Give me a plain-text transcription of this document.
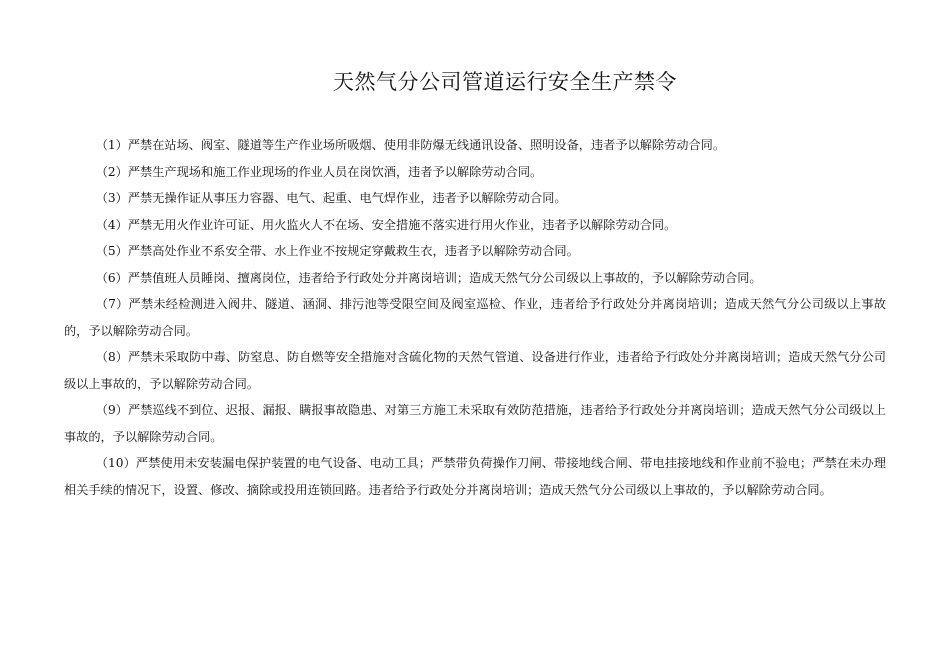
天然气分公司管道运行安全生产禁令

（1）严禁在站场、阀室、隧道等生产作业场所吸烟、使用非防爆无线通讯设备、照明设备，违者予以解除劳动合同。

（2）严禁生产现场和施工作业现场的作业人员在岗饮酒，违者予以解除劳动合同。

（3）严禁无操作证从事压力容器、电气、起重、电气焊作业，违者予以解除劳动合同。

（4）严禁无用火作业许可证、用火监火人不在场、安全措施不落实进行用火作业，违者予以解除劳动合同。

（5）严禁高处作业不系安全带、水上作业不按规定穿戴救生衣，违者予以解除劳动合同。

（6）严禁值班人员睡岗、擅离岗位，违者给予行政处分并离岗培训；造成天然气分公司级以上事故的，予以解除劳动合同。

（7）严禁未经检测进入阀井、隧道、涵洞、排污池等受限空间及阀室巡检、作业，违者给予行政处分并离岗培训；造成天然气分公司级以上事故的，予以解除劳动合同。

（8）严禁未采取防中毒、防窒息、防自燃等安全措施对含硫化物的天然气管道、设备进行作业，违者给予行政处分并离岗培训；造成天然气分公司级以上事故的，予以解除劳动合同。

（9）严禁巡线不到位、迟报、漏报、瞒报事故隐患、对第三方施工未采取有效防范措施，违者给予行政处分并离岗培训；造成天然气分公司级以上事故的，予以解除劳动合同。

（10）严禁使用未安装漏电保护装置的电气设备、电动工具；严禁带负荷操作刀闸、带接地线合闸、带电挂接地线和作业前不验电；严禁在未办理相关手续的情况下，设置、修改、摘除或投用连锁回路。违者给予行政处分并离岗培训；造成天然气分公司级以上事故的，予以解除劳动合同。
